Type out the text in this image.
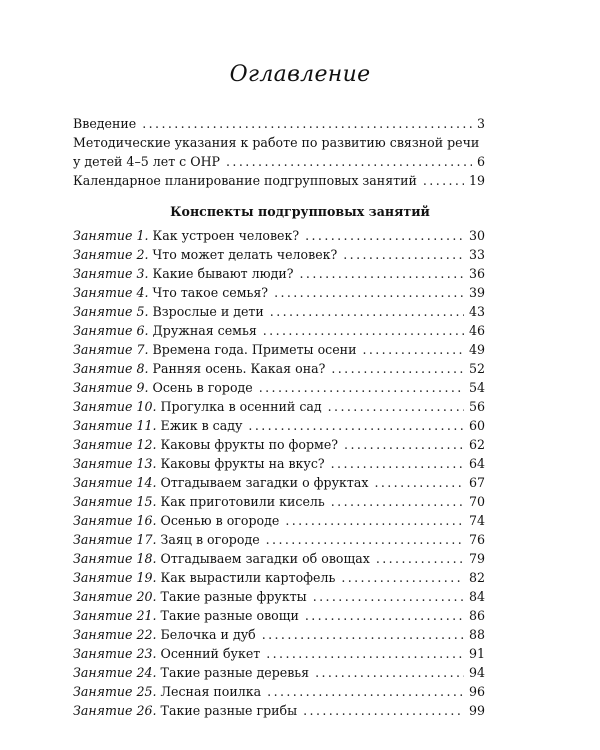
Оглавление
Введение .....	3
Методические указания к работе по развитию связной речи
у детей 4–5 лет с ОНР .....	6
Календарное планирование подгрупповых занятий .....	19
Конспекты подгрупповых занятий
Занятие 1. Как устроен человек? .....	30
Занятие 2. Что может делать человек? .....	33
Занятие 3. Какие бывают люди? .....	36
Занятие 4. Что такое семья? .....	39
Занятие 5. Взрослые и дети .....	43
Занятие 6. Дружная семья .....	46
Занятие 7. Времена года. Приметы осени .....	49
Занятие 8. Ранняя осень. Какая она? .....	52
Занятие 9. Осень в городе .....	54
Занятие 10. Прогулка в осенний сад .....	56
Занятие 11. Ежик в саду .....	60
Занятие 12. Каковы фрукты по форме? .....	62
Занятие 13. Каковы фрукты на вкус? .....	64
Занятие 14. Отгадываем загадки о фруктах .....	67
Занятие 15. Как приготовили кисель .....	70
Занятие 16. Осенью в огороде .....	74
Занятие 17. Заяц в огороде .....	76
Занятие 18. Отгадываем загадки об овощах .....	79
Занятие 19. Как вырастили картофель .....	82
Занятие 20. Такие разные фрукты .....	84
Занятие 21. Такие разные овощи .....	86
Занятие 22. Белочка и дуб .....	88
Занятие 23. Осенний букет .....	91
Занятие 24. Такие разные деревья .....	94
Занятие 25. Лесная поилка .....	96
Занятие 26. Такие разные грибы .....	99
